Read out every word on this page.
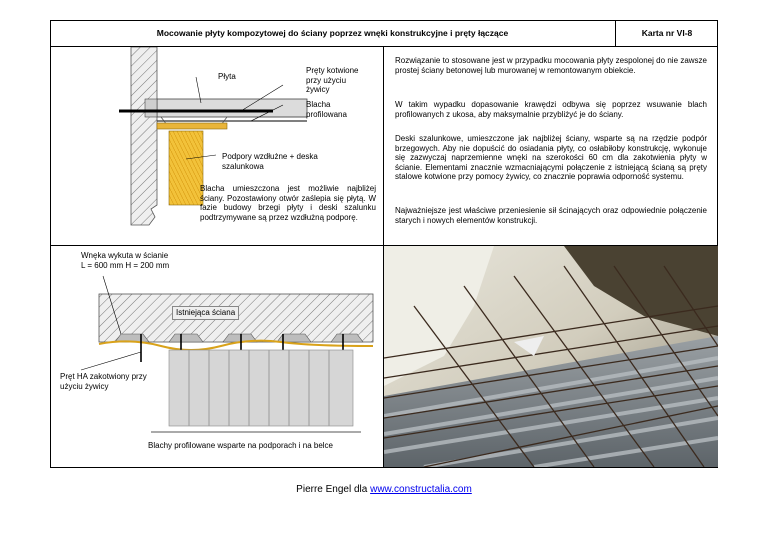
Mocowanie płyty kompozytowej do ściany poprzez wnęki konstrukcyjne i pręty łączące	Karta nr VI-8
Płyta
Pręty kotwione przy użyciu żywicy
Blacha profilowana
Podpory wzdłużne + deska szalunkowa
Blacha umieszczona jest możliwie najbliżej ściany. Pozostawiony otwór zaślepia się płytą. W fazie budowy brzegi płyty i deski szalunku podtrzymywane są przez wzdłużną podporę.
Rozwiązanie to stosowane jest w przypadku mocowania płyty zespolonej do nie zawsze prostej ściany betonowej lub murowanej w remontowanym obiekcie.
W takim wypadku dopasowanie krawędzi odbywa się poprzez wsuwanie blach profilowanych z ukosa, aby maksymalnie przybliżyć je do ściany.
Deski szalunkowe, umieszczone jak najbliżej ściany, wsparte są na rzędzie podpór brzegowych. Aby nie dopuścić do osiadania płyty, co osłabiłoby konstrukcję, wykonuje się zazwyczaj naprzemienne wnęki na szerokości 60 cm dla zakotwienia płyty w ścianie. Elementami znacznie wzmacniającymi połączenie z istniejącą ścianą są pręty stalowe kotwione przy pomocy żywicy, co znacznie poprawia odporność systemu.
Najważniejsze jest właściwe przeniesienie sił ścinających oraz odpowiednie połączenie starych i nowych elementów konstrukcji.
Wnęka wykuta w ścianie
L = 600 mm H = 200 mm
Istniejąca ściana
Pręt HA zakotwiony przy użyciu żywicy
Blachy profilowane wsparte na podporach i na belce
Pierre Engel dla www.constructalia.com
